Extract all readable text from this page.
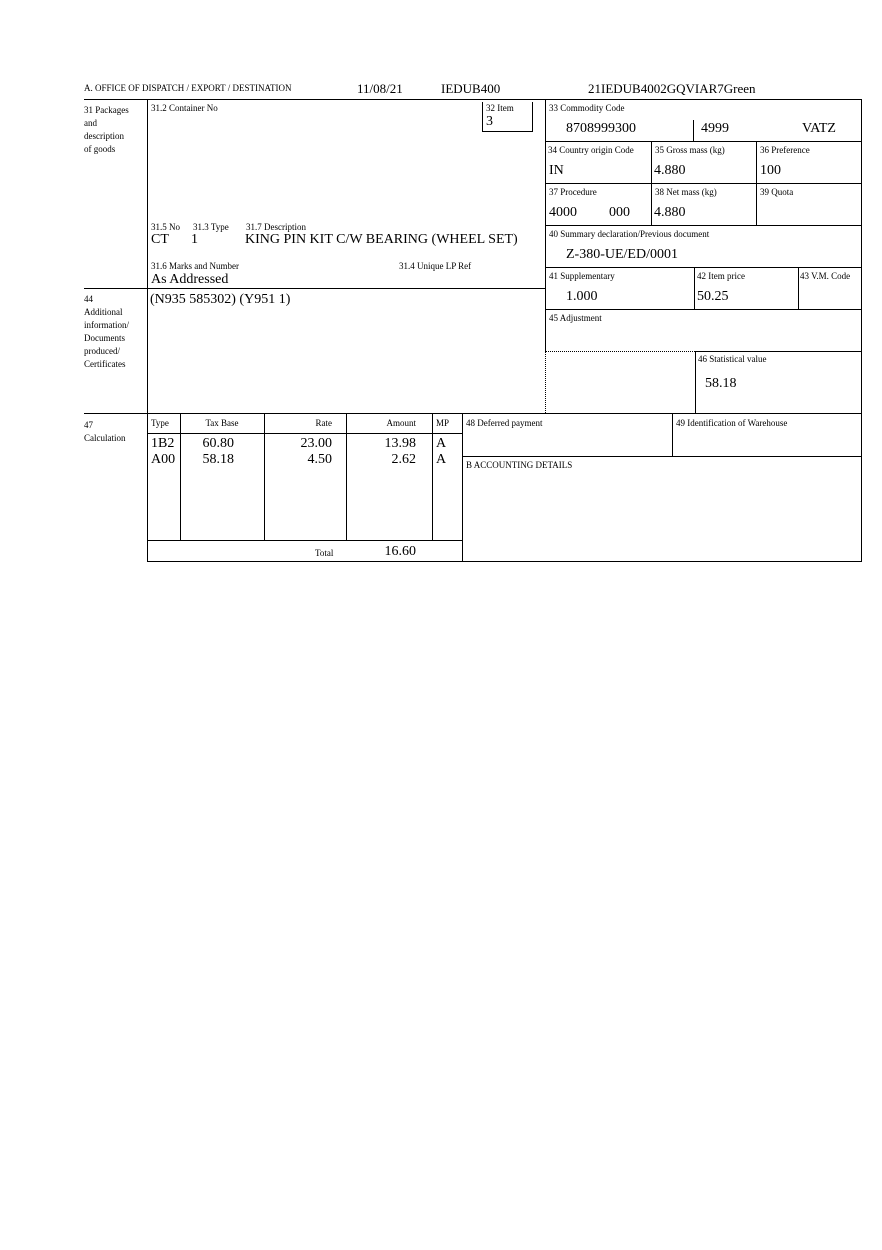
A. OFFICE OF DISPATCH / EXPORT / DESTINATION	11/08/21	IEDUB400	21IEDUB4002GQVIAR7Green
31 Packages
and
description
of goods
31.2 Container No
31.5 No
CT
31.3 Type
1
31.7 Description
KING PIN KIT C/W BEARING (WHEEL SET)
31.6 Marks and Number
As Addressed
31.4 Unique LP Ref
32 Item
3
33 Commodity Code
8708999300	4999	VATZ
34 Country origin Code
IN
35 Gross mass (kg)
4.880
36 Preference
100
37 Procedure
4000 000
38 Net mass (kg)
4.880
39 Quota
40 Summary declaration/Previous document
Z-380-UE/ED/0001
41 Supplementary
1.000
42 Item price
50.25
43 V.M. Code
44
Additional
information/
Documents
produced/
Certificates
(N935 585302) (Y951 1)
45 Adjustment
46 Statistical value
58.18
47
Calculation
Type	Tax Base	Rate	Amount MP
1B2	60.80	23.00	13.98 A
A00	58.18	4.50	2.62 A
Total	16.60
48 Deferred payment	49 Identification of Warehouse
B ACCOUNTING DETAILS
